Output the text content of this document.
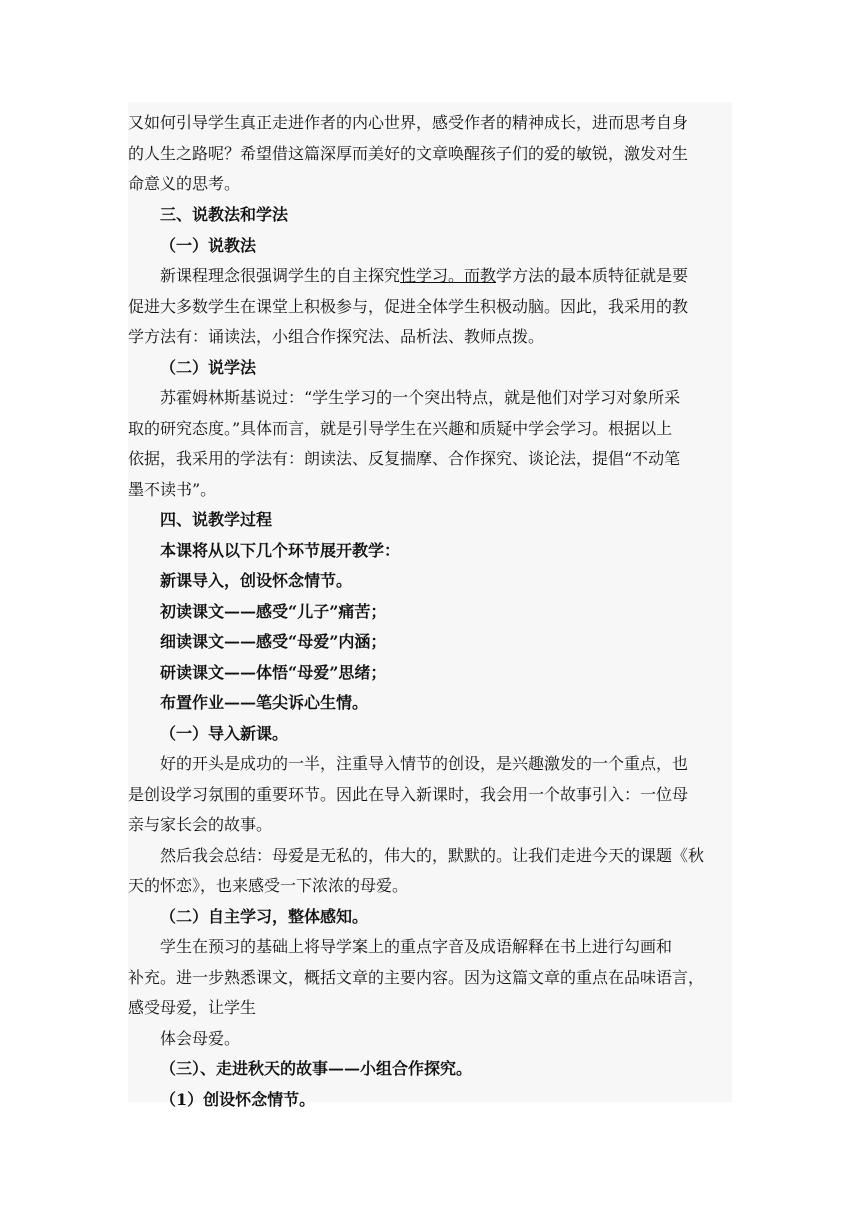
又如何引导学生真正走进作者的内心世界，感受作者的精神成长，进而思考自身
的人生之路呢？希望借这篇深厚而美好的文章唤醒孩子们的爱的敏锐，激发对生
命意义的思考。
三、说教法和学法
（一）说教法
新课程理念很强调学生的自主探究性学习。而教学方法的最本质特征就是要
促进大多数学生在课堂上积极参与，促进全体学生积极动脑。因此，我采用的教
学方法有：诵读法，小组合作探究法、品析法、教师点拨。
（二）说学法
苏霍姆林斯基说过：“学生学习的一个突出特点，就是他们对学习对象所采
取的研究态度。”具体而言，就是引导学生在兴趣和质疑中学会学习。根据以上
依据，我采用的学法有：朗读法、反复揣摩、合作探究、谈论法，提倡“不动笔
墨不读书”。
四、说教学过程
本课将从以下几个环节展开教学：
新课导入，创设怀念情节。
初读课文——感受“儿子”痛苦；
细读课文——感受“母爱”内涵；
研读课文——体悟“母爱”思绪；
布置作业——笔尖诉心生情。
（一）导入新课。
好的开头是成功的一半，注重导入情节的创设，是兴趣激发的一个重点，也
是创设学习氛围的重要环节。因此在导入新课时，我会用一个故事引入：一位母
亲与家长会的故事。
然后我会总结：母爱是无私的，伟大的，默默的。让我们走进今天的课题《秋
天的怀恋》，也来感受一下浓浓的母爱。
（二）自主学习，整体感知。
学生在预习的基础上将导学案上的重点字音及成语解释在书上进行勾画和
补充。进一步熟悉课文，概括文章的主要内容。因为这篇文章的重点在品味语言，
感受母爱，让学生
体会母爱。
（三）、走进秋天的故事——小组合作探究。
（1）创设怀念情节。
